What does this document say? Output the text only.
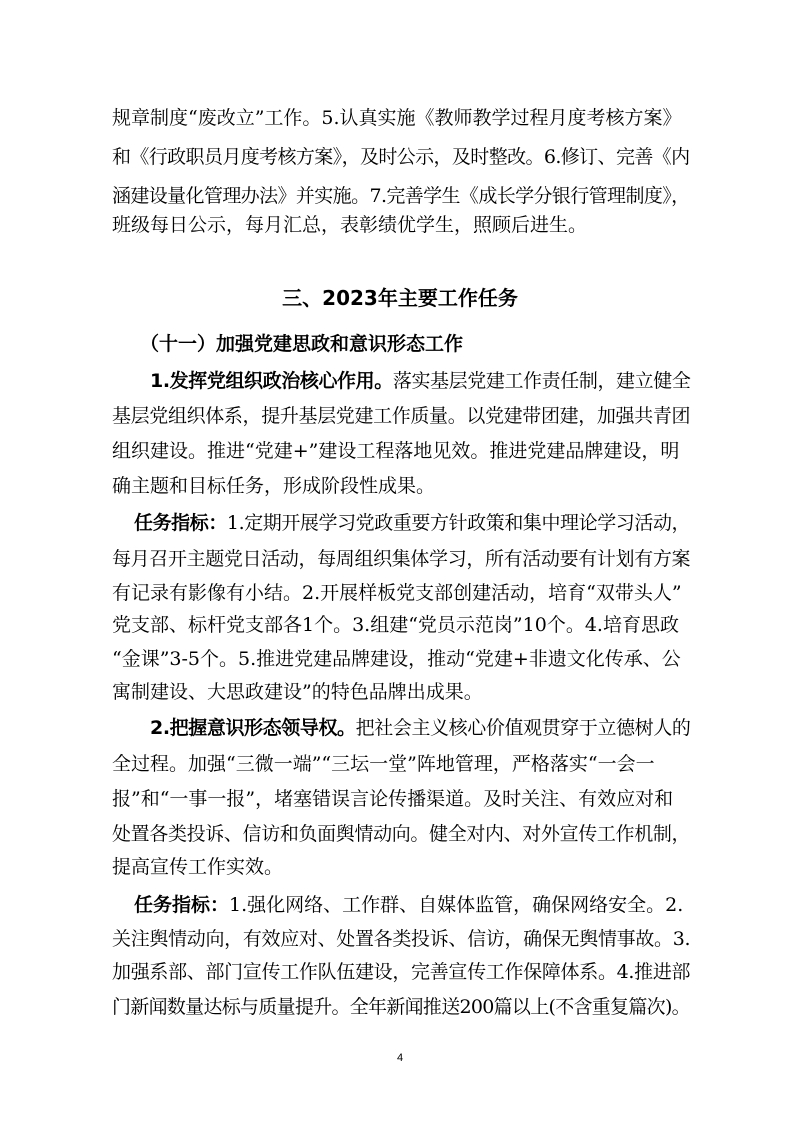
规章制度“废改立”工作。5.认真实施《教师教学过程月度考核方案》
和《行政职员月度考核方案》，及时公示，及时整改。6.修订、完善《内
涵建设量化管理办法》并实施。7.完善学生《成长学分银行管理制度》，
班级每日公示，每月汇总，表彰绩优学生，照顾后进生。
三、2023年主要工作任务
（十一）加强党建思政和意识形态工作
1.发挥党组织政治核心作用。落实基层党建工作责任制，建立健全
基层党组织体系，提升基层党建工作质量。以党建带团建，加强共青团
组织建设。推进“党建+”建设工程落地见效。推进党建品牌建设，明
确主题和目标任务，形成阶段性成果。
任务指标：1.定期开展学习党政重要方针政策和集中理论学习活动，
每月召开主题党日活动，每周组织集体学习，所有活动要有计划有方案
有记录有影像有小结。2.开展样板党支部创建活动，培育“双带头人”
党支部、标杆党支部各1个。3.组建“党员示范岗”10个。4.培育思政
“金课”3-5个。5.推进党建品牌建设，推动“党建+非遗文化传承、公
寓制建设、大思政建设”的特色品牌出成果。
2.把握意识形态领导权。把社会主义核心价值观贯穿于立德树人的
全过程。加强“三微一端”“三坛一堂”阵地管理，严格落实“一会一
报”和“一事一报”，堵塞错误言论传播渠道。及时关注、有效应对和
处置各类投诉、信访和负面舆情动向。健全对内、对外宣传工作机制，
提高宣传工作实效。
任务指标：1.强化网络、工作群、自媒体监管，确保网络安全。2.
关注舆情动向，有效应对、处置各类投诉、信访，确保无舆情事故。3.
加强系部、部门宣传工作队伍建设，完善宣传工作保障体系。4.推进部
门新闻数量达标与质量提升。全年新闻推送200篇以上(不含重复篇次)。
4
